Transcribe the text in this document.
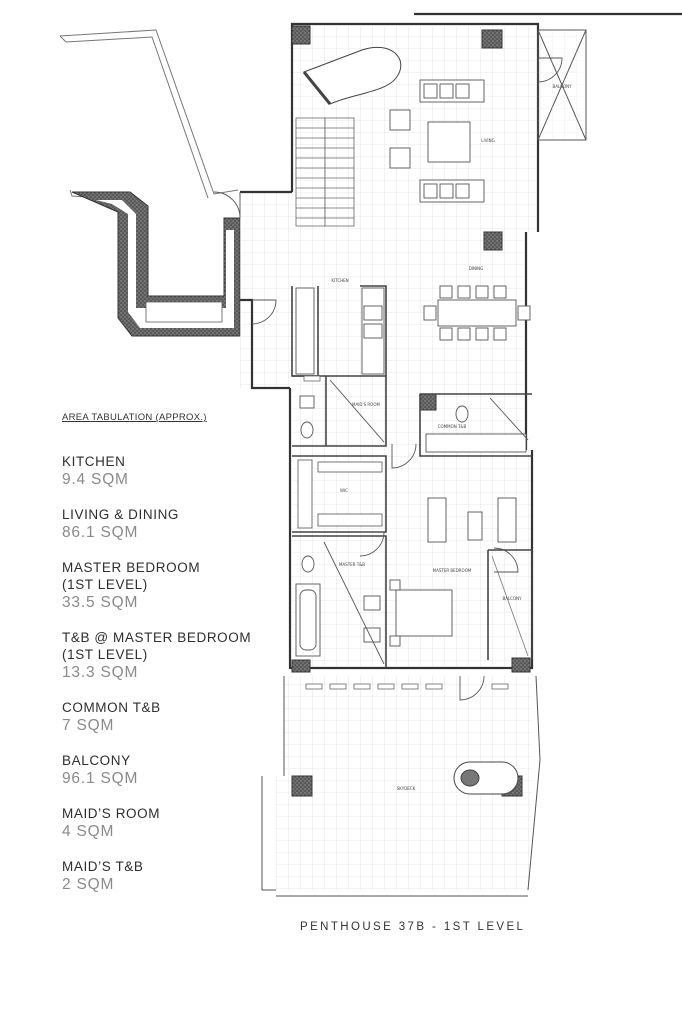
LIVING
KITCHEN
DINING
BALCONY
MAID'S ROOM
COMMON T&B
WIC
MASTER T&B
MASTER BEDROOM
BALCONY
SKYDECK
AREA TABULATION (APPROX.)
KITCHEN
9.4 SQM
LIVING & DINING
86.1 SQM
MASTER BEDROOM
(1ST LEVEL)
33.5 SQM
T&B @ MASTER BEDROOM
(1ST LEVEL)
13.3 SQM
COMMON T&B
7 SQM
BALCONY
96.1 SQM
MAID’S ROOM
4 SQM
MAID’S T&B
2 SQM
PENTHOUSE 37B - 1ST LEVEL
